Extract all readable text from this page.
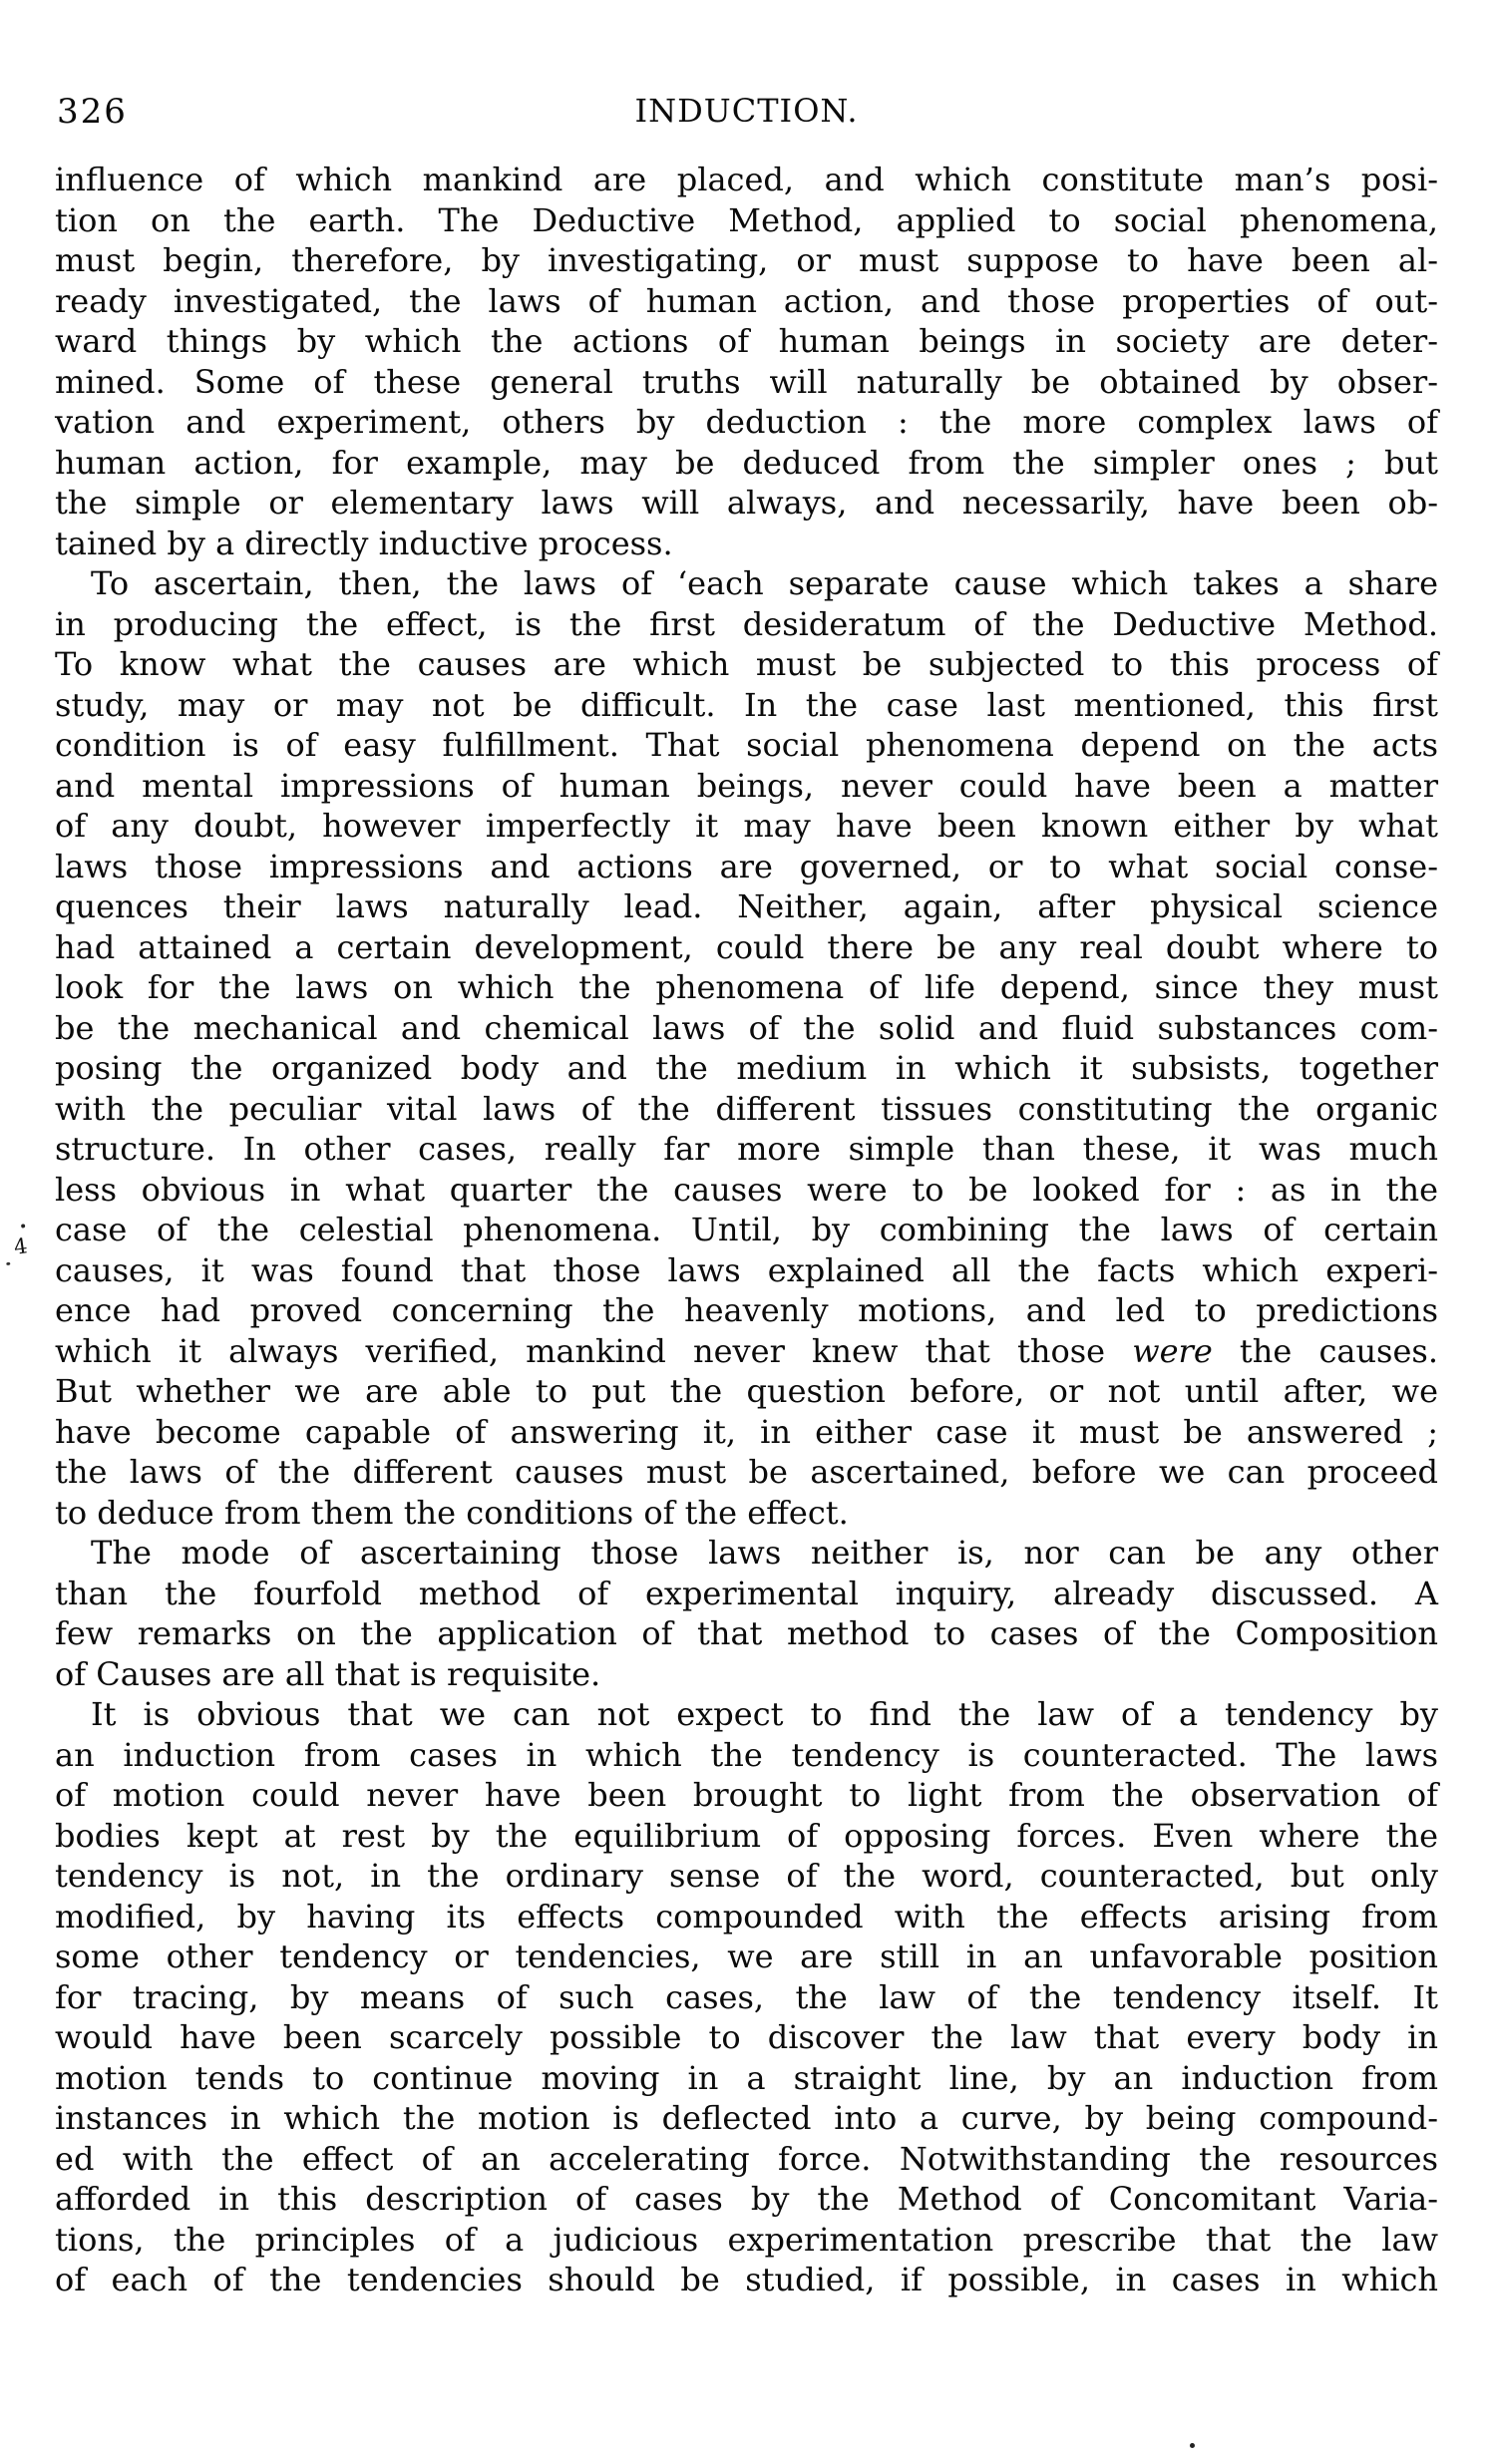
326	INDUCTION.

influence of which mankind are placed, and which constitute man’s posi-
tion on the earth. The Deductive Method, applied to social phenomena,
must begin, therefore, by investigating, or must suppose to have been al-
ready investigated, the laws of human action, and those properties of out-
ward things by which the actions of human beings in society are deter-
mined. Some of these general truths will naturally be obtained by obser-
vation and experiment, others by deduction : the more complex laws of
human action, for example, may be deduced from the simpler ones ; but
the simple or elementary laws will always, and necessarily, have been ob-
tained by a directly inductive process.

To ascertain, then, the laws of ‘each separate cause which takes a share
in producing the effect, is the first desideratum of the Deductive Method.
To know what the causes are which must be subjected to this process of
study, may or may not be difficult. In the case last mentioned, this first
condition is of easy fulfillment. That social phenomena depend on the acts
and mental impressions of human beings, never could have been a matter
of any doubt, however imperfectly it may have been known either by what
laws those impressions and actions are governed, or to what social conse-
quences their laws naturally lead. Neither, again, after physical science
had attained a certain development, could there be any real doubt where to
look for the laws on which the phenomena of life depend, since they must
be the mechanical and chemical laws of the solid and fluid substances com-
posing the organized body and the medium in which it subsists, together
with the peculiar vital laws of the different tissues constituting the organic
structure. In other cases, really far more simple than these, it was much
less obvious in what quarter the causes were to be looked for : as in the
case of the celestial phenomena. Until, by combining the laws of certain
causes, it was found that those laws explained all the facts which experi-
ence had proved concerning the heavenly motions, and led to predictions
which it always verified, mankind never knew that those were the causes.
But whether we are able to put the question before, or not until after, we
have become capable of answering it, in either case it must be answered ;
the laws of the different causes must be ascertained, before we can proceed
to deduce from them the conditions of the effect.

The mode of ascertaining those laws neither is, nor can be any other
than the fourfold method of experimental inquiry, already discussed. A
few remarks on the application of that method to cases of the Composition
of Causes are all that is requisite.

It is obvious that we can not expect to find the law of a tendency by
an induction from cases in which the tendency is counteracted. The laws
of motion could never have been brought to light from the observation of
bodies kept at rest by the equilibrium of opposing forces. Even where the
tendency is not, in the ordinary sense of the word, counteracted, but only
modified, by having its effects compounded with the effects arising from
some other tendency or tendencies, we are still in an unfavorable position
for tracing, by means of such cases, the law of the tendency itself. It
would have been scarcely possible to discover the law that every body in
motion tends to continue moving in a straight line, by an induction from
instances in which the motion is deflected into a curve, by being compound-
ed with the effect of an accelerating force. Notwithstanding the resources
afforded in this description of cases by the Method of Concomitant Varia-
tions, the principles of a judicious experimentation prescribe that the law
of each of the tendencies should be studied, if possible, in cases in which

4
